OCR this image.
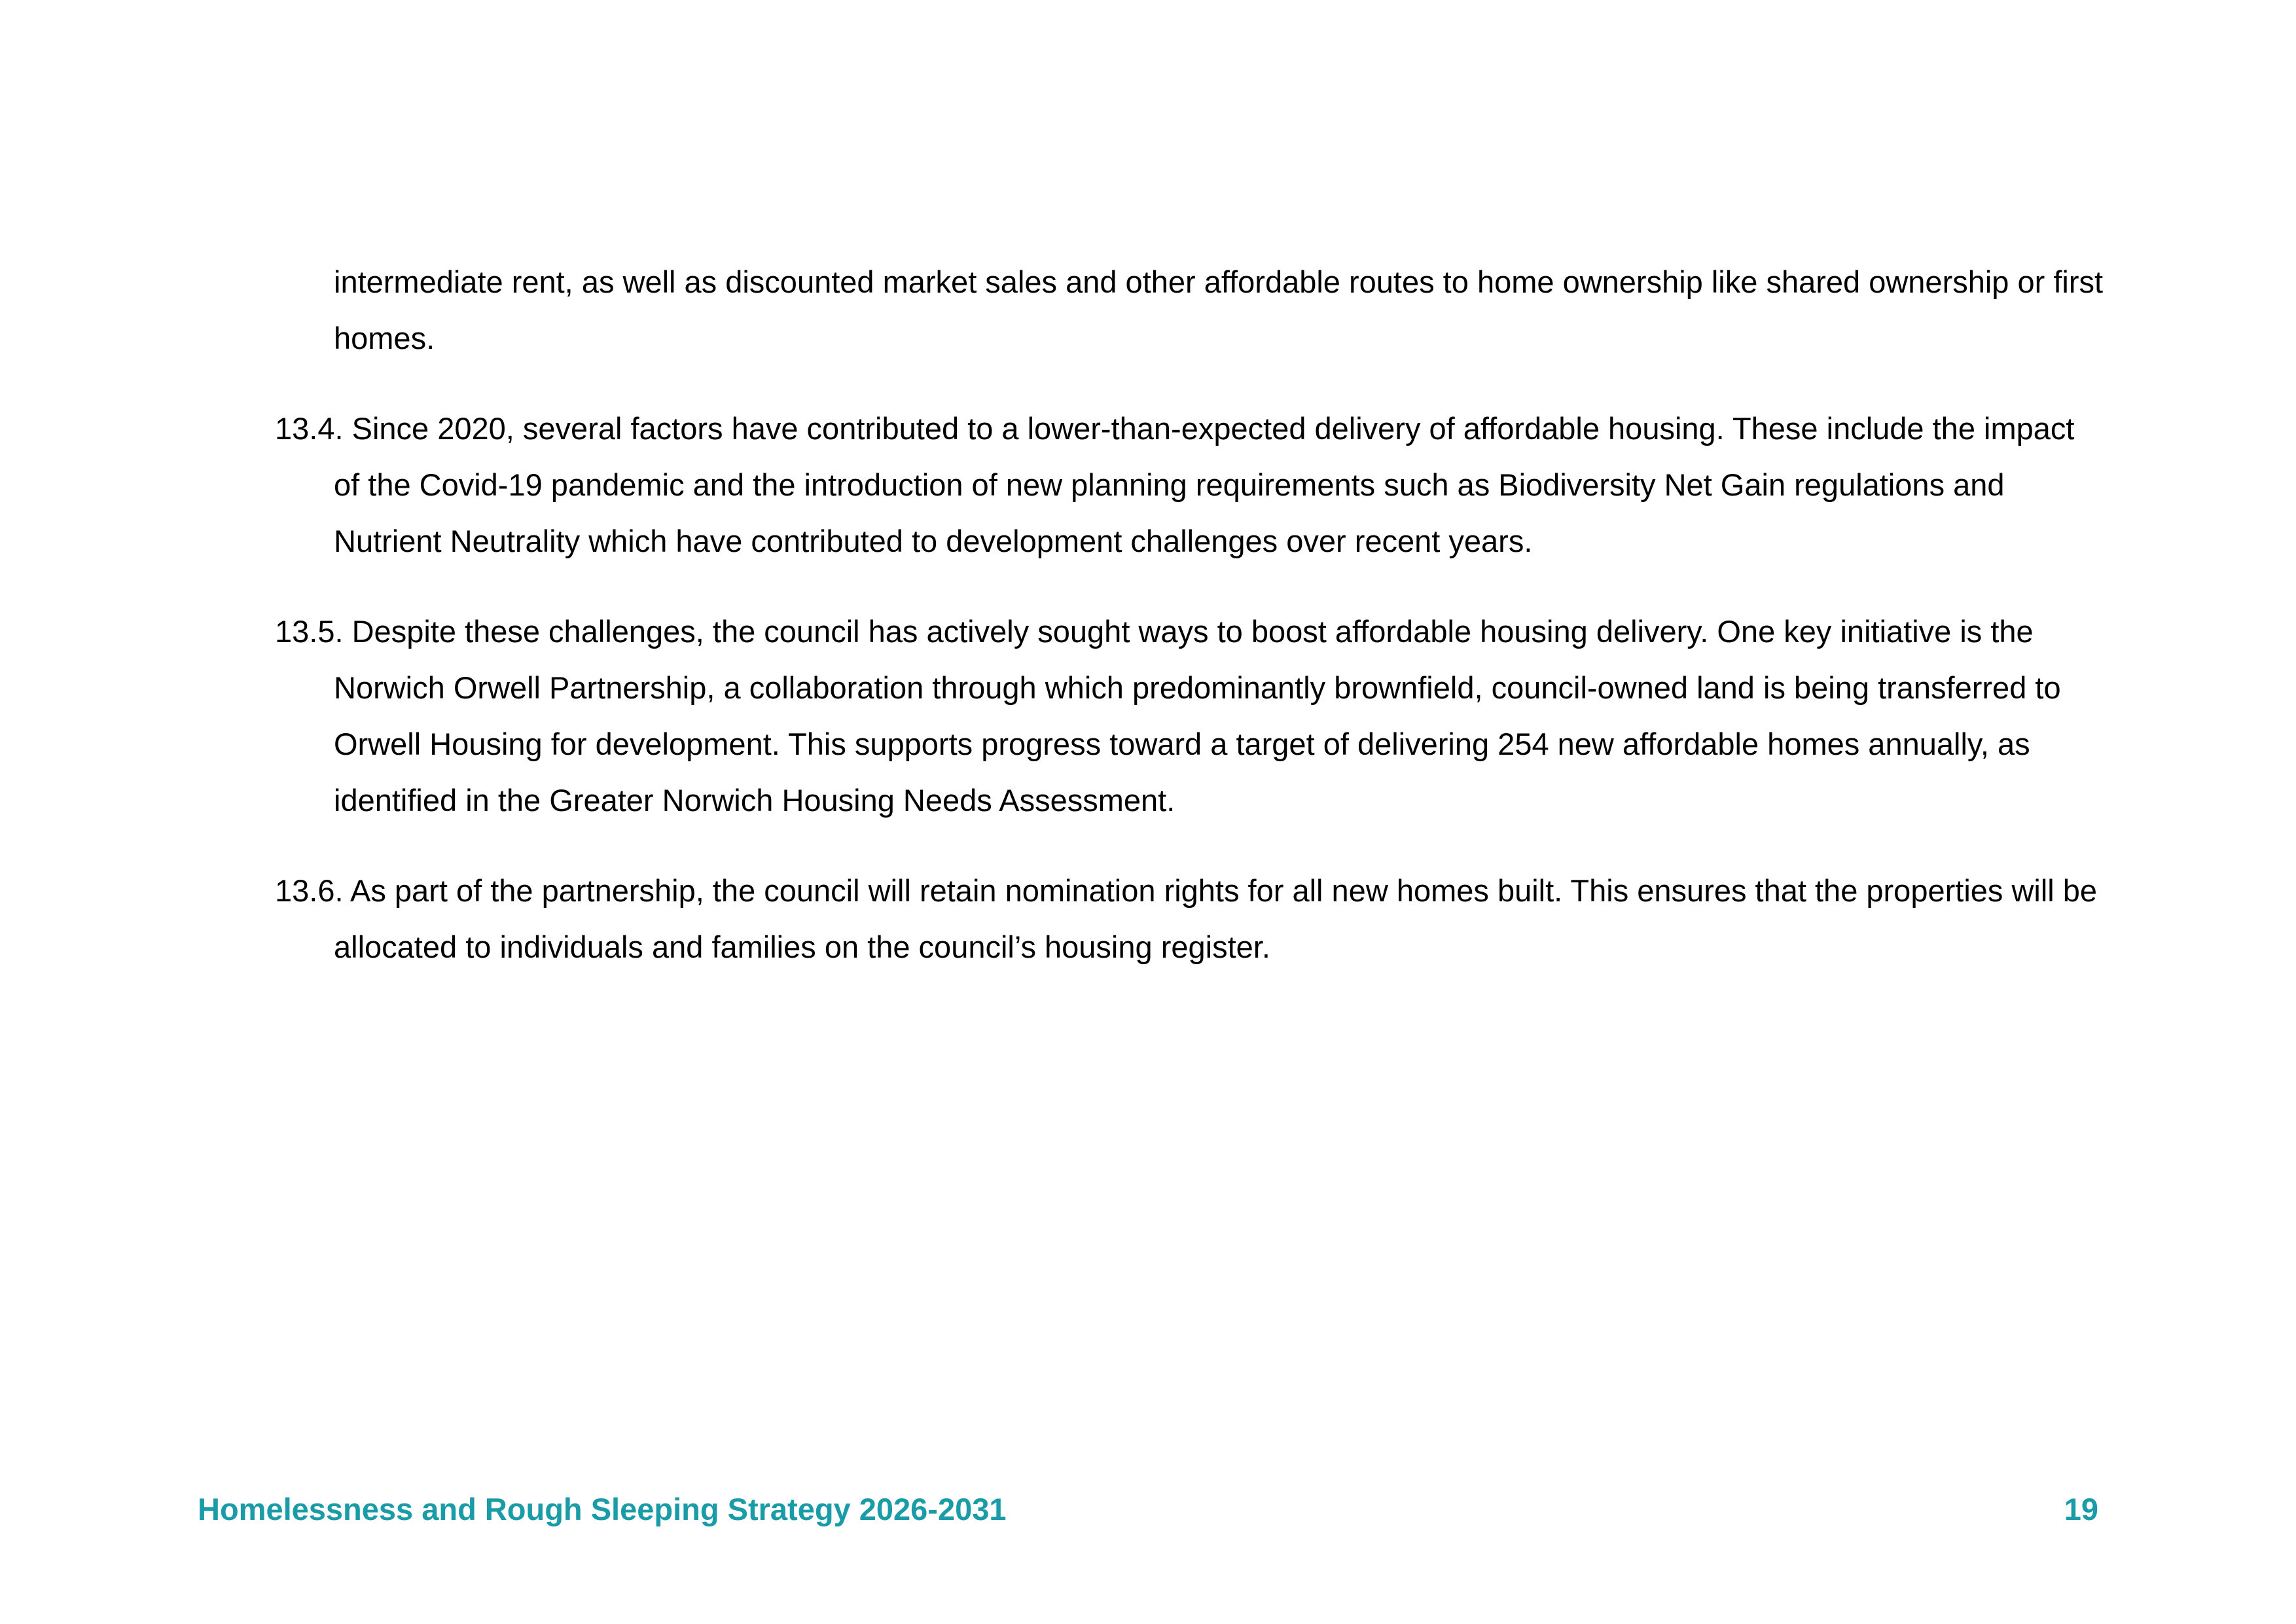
intermediate rent, as well as discounted market sales and other affordable routes to home ownership like shared ownership or first homes.

13.4. Since 2020, several factors have contributed to a lower-than-expected delivery of affordable housing. These include the impact of the Covid-19 pandemic and the introduction of new planning requirements such as Biodiversity Net Gain regulations and Nutrient Neutrality which have contributed to development challenges over recent years.

13.5. Despite these challenges, the council has actively sought ways to boost affordable housing delivery. One key initiative is the Norwich Orwell Partnership, a collaboration through which predominantly brownfield, council-owned land is being transferred to Orwell Housing for development. This supports progress toward a target of delivering 254 new affordable homes annually, as identified in the Greater Norwich Housing Needs Assessment.

13.6. As part of the partnership, the council will retain nomination rights for all new homes built. This ensures that the properties will be allocated to individuals and families on the council’s housing register.

Homelessness and Rough Sleeping Strategy 2026-2031	19
